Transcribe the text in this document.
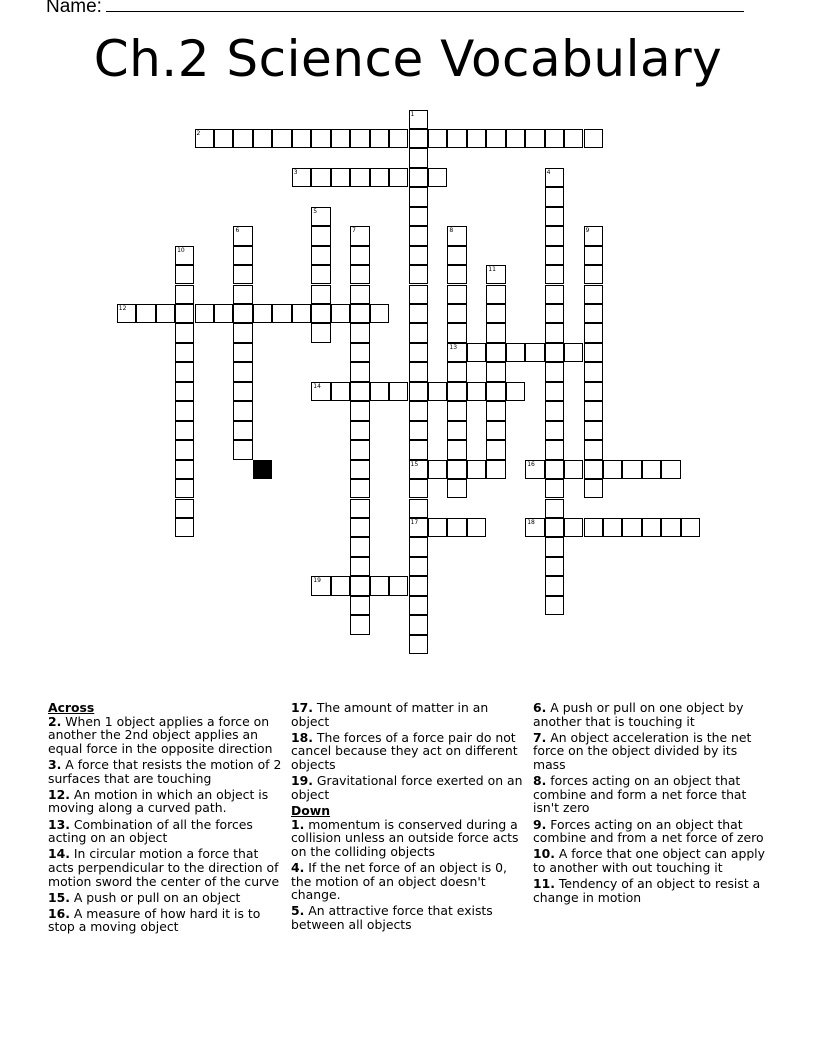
Name:
Ch.2 Science Vocabulary
1
15
17
2
3	4
5
6	7	8
13
9
10
11
12
14
16
18
19
Across
2. When 1 object applies a force on another the 2nd object applies an equal force in the opposite direction
3. A force that resists the motion of 2 surfaces that are touching
12. An motion in which an object is moving along a curved path.
13. Combination of all the forces acting on an object
14. In circular motion a force that acts perpendicular to the direction of motion sword the center of the curve
15. A push or pull on an object
16. A measure of how hard it is to stop a moving object
17. The amount of matter in an object
18. The forces of a force pair do not cancel because they act on different objects
19. Gravitational force exerted on an object
Down
1. momentum is conserved during a collision unless an outside force acts on the colliding objects
4. If the net force of an object is 0, the motion of an object doesn't change.
5. An attractive force that exists between all objects
6. A push or pull on one object by another that is touching it
7. An object acceleration is the net force on the object divided by its mass
8. forces acting on an object that combine and form a net force that isn't zero
9. Forces acting on an object that combine and from a net force of zero
10. A force that one object can apply to another with out touching it
11. Tendency of an object to resist a change in motion
